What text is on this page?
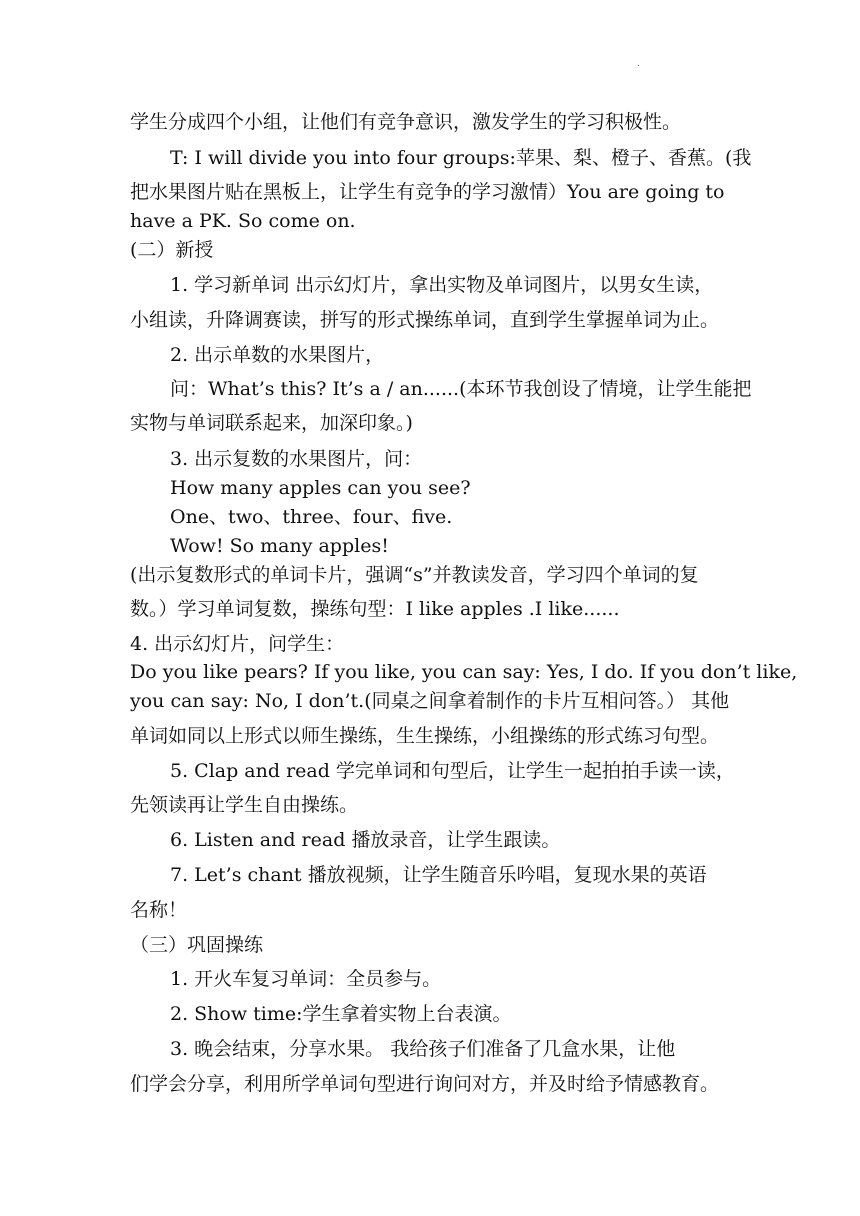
.
学生分成四个小组，让他们有竞争意识，激发学生的学习积极性。
T: I will divide you into four groups:苹果、梨、橙子、香蕉。(我
把水果图片贴在黑板上，让学生有竞争的学习激情）You are going to
have a PK. So come on.
(二）新授
1. 学习新单词 出示幻灯片，拿出实物及单词图片，以男女生读，
小组读，升降调赛读，拼写的形式操练单词，直到学生掌握单词为止。
2. 出示单数的水果图片，
问：What’s this? It’s a / an......(本环节我创设了情境，让学生能把
实物与单词联系起来，加深印象。)
3. 出示复数的水果图片，问：
How many apples can you see?
One、two、three、four、five.
Wow! So many apples!
(出示复数形式的单词卡片，强调“s”并教读发音，学习四个单词的复
数。）学习单词复数，操练句型：I like apples .I like......
4. 出示幻灯片，问学生：
Do you like pears? If you like, you can say: Yes, I do. If you don’t like,
you can say: No, I don’t.(同桌之间拿着制作的卡片互相问答。） 其他
单词如同以上形式以师生操练，生生操练，小组操练的形式练习句型。
5. Clap and read 学完单词和句型后，让学生一起拍拍手读一读，
先领读再让学生自由操练。
6. Listen and read 播放录音，让学生跟读。
7. Let’s chant 播放视频，让学生随音乐吟唱，复现水果的英语
名称！
（三）巩固操练
1. 开火车复习单词：全员参与。
2. Show time:学生拿着实物上台表演。
3. 晚会结束，分享水果。 我给孩子们准备了几盒水果，让他
们学会分享，利用所学单词句型进行询问对方，并及时给予情感教育。
